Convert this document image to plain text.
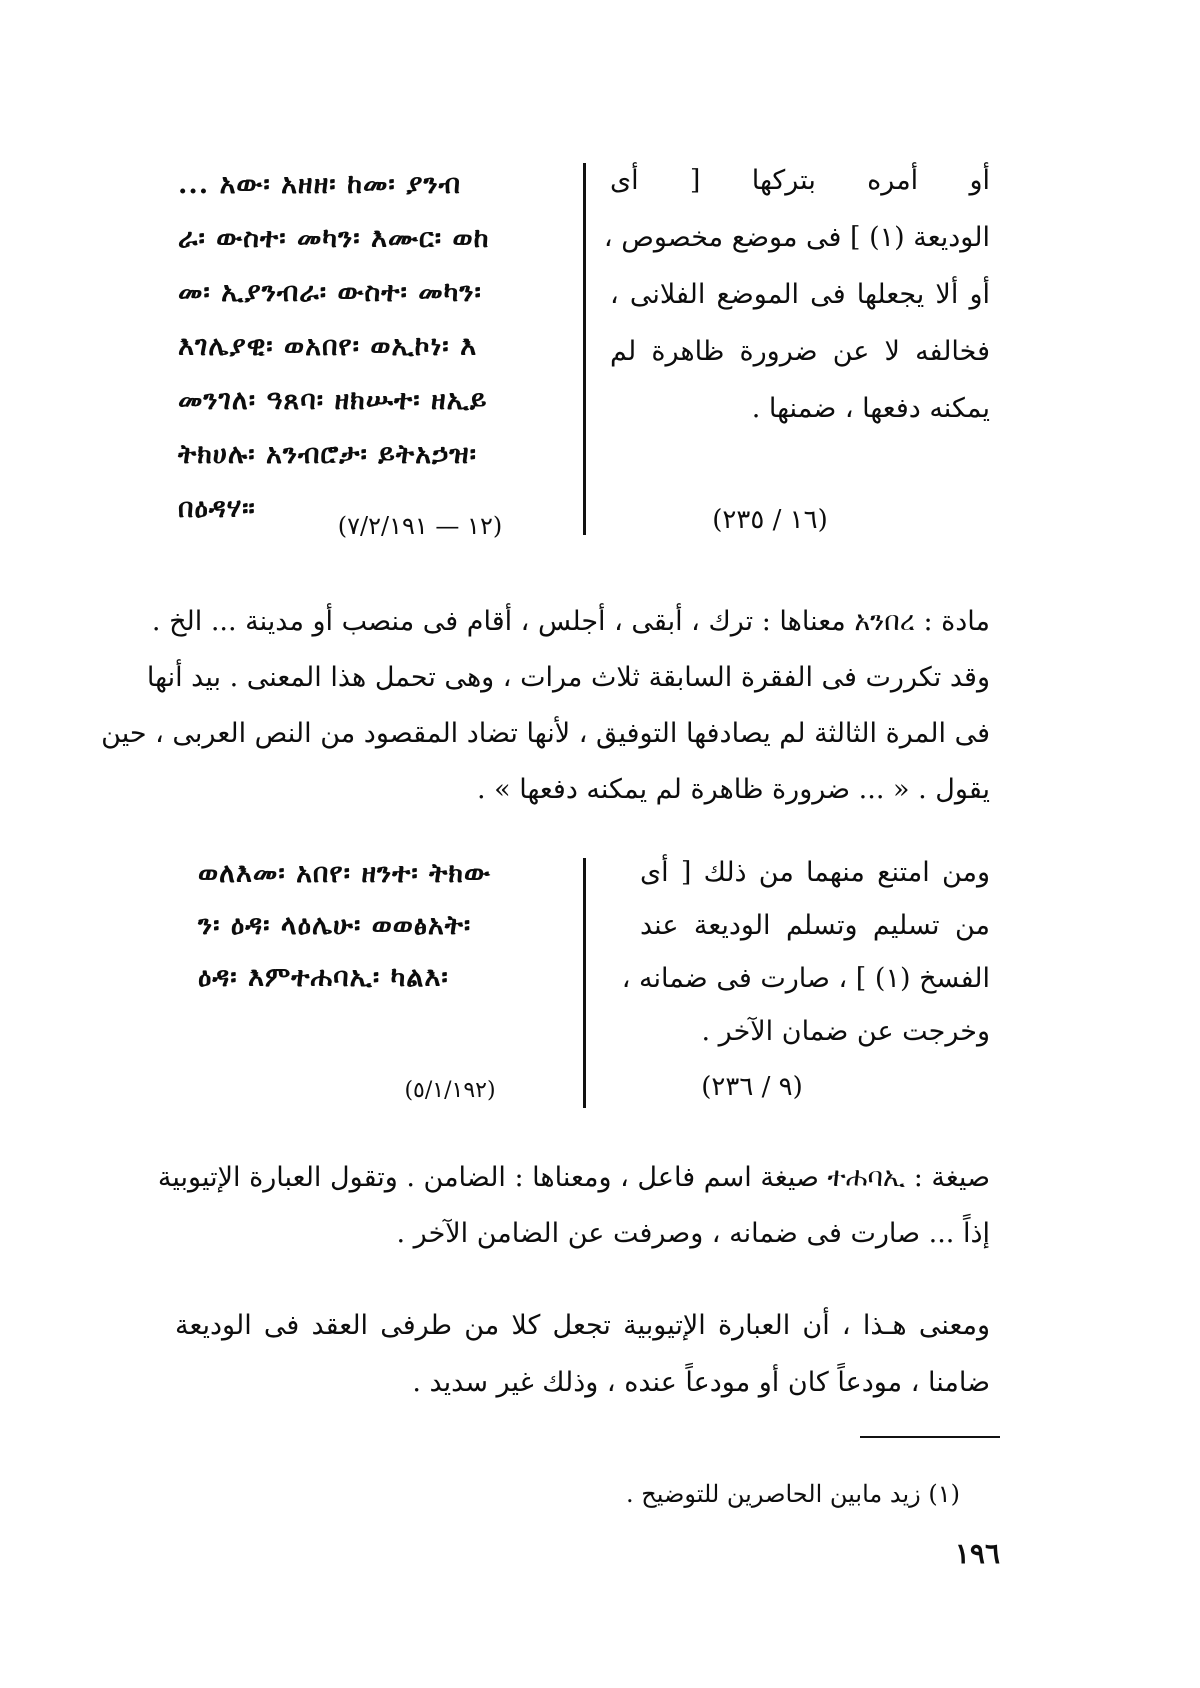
أو أمره بتركها [ أى
الوديعة (١) ] فى موضع مخصوص ،
أو ألا يجعلها فى الموضع الفلانى ،
فخالفه لا عن ضرورة ظاهرة لم
يمكنه دفعها ، ضمنها .
... አው፡ አዘዘ፡ ከመ፡ ያንብ
ራ፡ ውስተ፡ መካን፡ እሙር፡ ወከ
መ፡ ኢያንብራ፡ ውስተ፡ መካን፡
እገሌያዊ፡ ወአበየ፡ ወኢኮነ፡ እ
መንገለ፡ ዓጸባ፡ ዘክሡተ፡ ዘኢይ
ትክሀሉ፡ አንብሮታ፡ ይትአኃዝ፡
በዕዳሃ።	(١٦ / ٢٣٥)
(١٢ — ٧/٢/١٩١)
مادة : አንበረ معناها : ترك ، أبقى ، أجلس ، أقام فى منصب أو مدينة ... الخ .
وقد تكررت فى الفقرة السابقة ثلاث مرات ، وهى تحمل هذا المعنى . بيد أنها
فى المرة الثالثة لم يصادفها التوفيق ، لأنها تضاد المقصود من النص العربى ، حين
يقول . « ... ضرورة ظاهرة لم يمكنه دفعها » .
ومن امتنع منهما من ذلك [ أى
من تسليم وتسلم الوديعة عند
الفسخ (١) ] ، صارت فى ضمانه ،
وخرجت عن ضمان الآخر .
ወለእመ፡ አበየ፡ ዘንተ፡ ትክው
ን፡ ዕዳ፡ ላዕሌሁ፡ ወወፅአት፡
ዕዳ፡ እምተሐባኢ፡ ካልእ፡
(٩ / ٢٣٦)
(٥/١/١٩٢)
صيغة : ተሐባኢ صيغة اسم فاعل ، ومعناها : الضامن . وتقول العبارة الإتيوبية
إذاً ... صارت فى ضمانه ، وصرفت عن الضامن الآخر .
ومعنى هـذا ، أن العبارة الإتيوبية تجعل كلا من طرفى العقد فى الوديعة
ضامنا ، مودعاً كان أو مودعاً عنده ، وذلك غير سديد .
(١) زيد مابين الحاصرين للتوضيح .
١٩٦
